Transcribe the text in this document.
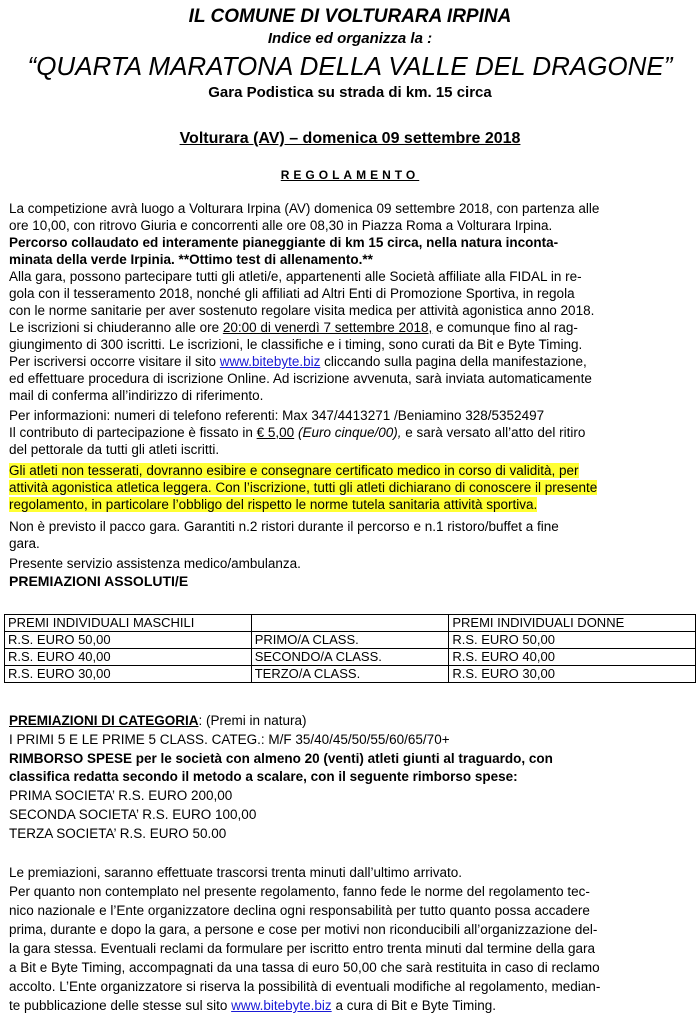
IL COMUNE DI VOLTURARA IRPINA
Indice ed organizza la :
“QUARTA MARATONA DELLA VALLE DEL DRAGONE”
Gara Podistica su strada di km. 15 circa
Volturara (AV) – domenica 09 settembre 2018
REGOLAMENTO
La competizione avrà luogo a Volturara Irpina (AV) domenica 09 settembre 2018, con partenza alle
ore 10,00, con ritrovo Giuria e concorrenti alle ore 08,30 in Piazza Roma a Volturara Irpina.
Percorso collaudato ed interamente pianeggiante di km 15 circa, nella natura inconta-
minata della verde Irpinia. **Ottimo test di allenamento.**
Alla gara, possono partecipare tutti gli atleti/e, appartenenti alle Società affiliate alla FIDAL in re-
gola con il tesseramento 2018, nonché gli affiliati ad Altri Enti di Promozione Sportiva, in regola
con le norme sanitarie per aver sostenuto regolare visita medica per attività agonistica anno 2018.
Le iscrizioni si chiuderanno alle ore 20:00 di venerdì 7 settembre 2018, e comunque fino al rag-
giungimento di 300 iscritti. Le iscrizioni, le classifiche e i timing, sono curati da Bit e Byte Timing.
Per iscriversi occorre visitare il sito www.bitebyte.biz cliccando sulla pagina della manifestazione,
ed effettuare procedura di iscrizione Online. Ad iscrizione avvenuta, sarà inviata automaticamente
mail di conferma all’indirizzo di riferimento.
Per informazioni: numeri di telefono referenti: Max 347/4413271 /Beniamino 328/5352497
Il contributo di partecipazione è fissato in € 5,00 (Euro cinque/00), e sarà versato all’atto del ritiro
del pettorale da tutti gli atleti iscritti.
Gli atleti non tesserati, dovranno esibire e consegnare certificato medico in corso di validità, per
attività agonistica atletica leggera. Con l’iscrizione, tutti gli atleti dichiarano di conoscere il presente
regolamento, in particolare l’obbligo del rispetto le norme tutela sanitaria attività sportiva.
Non è previsto il pacco gara. Garantiti n.2 ristori durante il percorso e n.1 ristoro/buffet a fine
gara.
Presente servizio assistenza medico/ambulanza.
PREMIAZIONI ASSOLUTI/E
PREMI INDIVIDUALI MASCHILI		PREMI INDIVIDUALI DONNE
R.S. EURO 50,00	PRIMO/A CLASS.	R.S. EURO 50,00
R.S. EURO 40,00	SECONDO/A CLASS.	R.S. EURO 40,00
R.S. EURO 30,00	TERZO/A CLASS.	R.S. EURO 30,00
PREMIAZIONI DI CATEGORIA: (Premi in natura)
I PRIMI 5 E LE PRIME 5 CLASS. CATEG.: M/F 35/40/45/50/55/60/65/70+
RIMBORSO SPESE per le società con almeno 20 (venti) atleti giunti al traguardo, con
classifica redatta secondo il metodo a scalare, con il seguente rimborso spese:
PRIMA SOCIETA’ R.S. EURO 200,00
SECONDA SOCIETA’ R.S. EURO 100,00
TERZA SOCIETA’ R.S. EURO 50.00
Le premiazioni, saranno effettuate trascorsi trenta minuti dall’ultimo arrivato.
Per quanto non contemplato nel presente regolamento, fanno fede le norme del regolamento tec-
nico nazionale e l’Ente organizzatore declina ogni responsabilità per tutto quanto possa accadere
prima, durante e dopo la gara, a persone e cose per motivi non riconducibili all’organizzazione del-
la gara stessa. Eventuali reclami da formulare per iscritto entro trenta minuti dal termine della gara
a Bit e Byte Timing, accompagnati da una tassa di euro 50,00 che sarà restituita in caso di reclamo
accolto. L’Ente organizzatore si riserva la possibilità di eventuali modifiche al regolamento, median-
te pubblicazione delle stesse sul sito www.bitebyte.biz a cura di Bit e Byte Timing.
